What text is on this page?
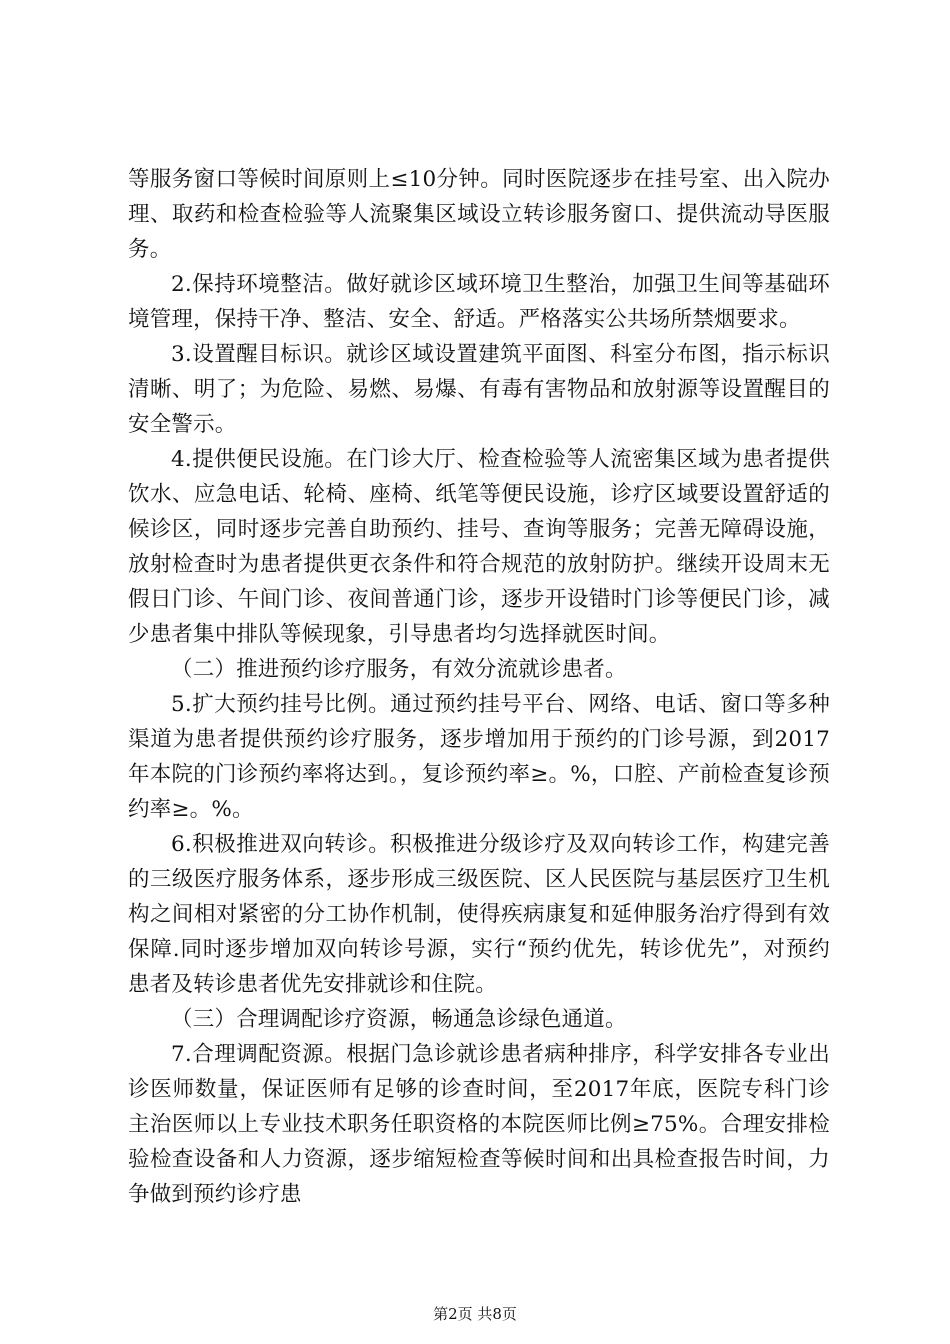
等服务窗口等候时间原则上≤10分钟。同时医院逐步在挂号室、出入院办理、取药和检查检验等人流聚集区域设立转诊服务窗口、提供流动导医服务。

2.保持环境整洁。做好就诊区域环境卫生整治，加强卫生间等基础环境管理，保持干净、整洁、安全、舒适。严格落实公共场所禁烟要求。

3.设置醒目标识。就诊区域设置建筑平面图、科室分布图，指示标识清晰、明了；为危险、易燃、易爆、有毒有害物品和放射源等设置醒目的安全警示。

4.提供便民设施。在门诊大厅、检查检验等人流密集区域为患者提供饮水、应急电话、轮椅、座椅、纸笔等便民设施，诊疗区域要设置舒适的候诊区，同时逐步完善自助预约、挂号、查询等服务；完善无障碍设施，放射检查时为患者提供更衣条件和符合规范的放射防护。继续开设周末无假日门诊、午间门诊、夜间普通门诊，逐步开设错时门诊等便民门诊，减少患者集中排队等候现象，引导患者均匀选择就医时间。

（二）推进预约诊疗服务，有效分流就诊患者。

5.扩大预约挂号比例。通过预约挂号平台、网络、电话、窗口等多种渠道为患者提供预约诊疗服务，逐步增加用于预约的门诊号源，到2017年本院的门诊预约率将达到。，复诊预约率≥。%，口腔、产前检查复诊预约率≥。%。

6.积极推进双向转诊。积极推进分级诊疗及双向转诊工作，构建完善的三级医疗服务体系，逐步形成三级医院、区人民医院与基层医疗卫生机构之间相对紧密的分工协作机制，使得疾病康复和延伸服务治疗得到有效保障.同时逐步增加双向转诊号源，实行“预约优先，转诊优先”，对预约患者及转诊患者优先安排就诊和住院。

（三）合理调配诊疗资源，畅通急诊绿色通道。

7.合理调配资源。根据门急诊就诊患者病种排序，科学安排各专业出诊医师数量，保证医师有足够的诊查时间，至2017年底，医院专科门诊主治医师以上专业技术职务任职资格的本院医师比例≥75%。合理安排检验检查设备和人力资源，逐步缩短检查等候时间和出具检查报告时间，力争做到预约诊疗患

第2页 共8页
